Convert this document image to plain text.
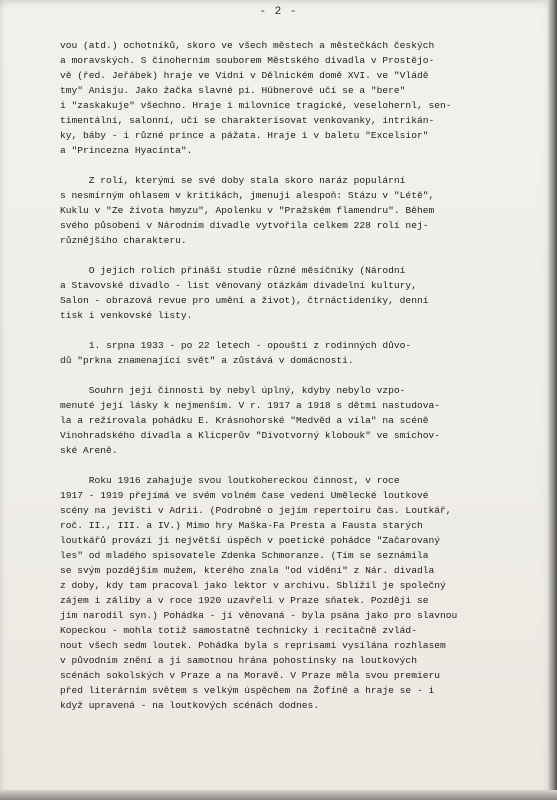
- 2 -
vou (atd.) ochotníků, skoro ve všech městech a městečkách českých
a moravských. S činoherním souborem Městského divadla v Prostějo-
vě (řed. Jeřábek) hraje ve Vídni v Dělnickém domě XVI. ve "Vládě
tmy" Anisju. Jako žačka slavné pí. Hübnerové učí se a "bere"
i "zaskakuje" všechno. Hraje i milovnice tragické, veselohernl, sen-
timentální, salonní, učí se charakterisovat venkovanky, intrikán-
ky, báby - i různé prince a pážata. Hraje i v baletu "Excelsior"
a "Princezna Hyacinta".
Z rolí, kterými se své doby stala skoro naráz populární
s nesmírným ohlasem v kritikách, jmenuji alespoň: Stázu v "Létě",
Kuklu v "Ze života hmyzu", Apolenku v "Pražském flamendru". Během
svého působení v Národním divadle vytvořila celkem 228 rolí nej-
různějšího charakteru.
O jejích rolích přináší studie různé měsíčníky (Národní
a Stavovské divadlo - list věnovaný otázkám divadelní kultury,
Salon - obrazová revue pro umění a život), čtrnáctideníky, denní
tisk i venkovské listy.
1. srpna 1933 - po 22 letech - opouští z rodinných důvo-
dů "prkna znamenající svět" a zůstává v domácnosti.
Souhrn její činnosti by nebyl úplný, kdyby nebylo vzpo-
menuté její lásky k nejmenším. V r. 1917 a 1918 s dětmi nastudova-
la a režírovala pohádku E. Krásnohorské "Medvěd a víla" na scéně
Vinohradského divadla a Klicperův "Divotvorný klobouk" ve smíchov-
ské Areně.
Roku 1916 zahajuje svou loutkohereckou činnost, v roce
1917 - 1919 přejímá ve svém volném čase vedení Umělecké loutkové
scény na jevišti v Adrii. (Podrobně o jejím repertoiru čas. Loutkář,
roč. II., III. a IV.) Mimo hry Maška-Fa Presta a Fausta starých
loutkářů provází ji největší úspěch v poetické pohádce "Začarovaný
les" od mladého spisovatele Zdenka Schmoranze. (Tím se seznámila
se svým pozdějším mužem, kterého znala "od vidění" z Nár. divadla
z doby, kdy tam pracoval jako lektor v archivu. Sblížil je společný
zájem i záliby a v roce 1920 uzavřeli v Praze sňatek. Později se
jim narodil syn.) Pohádka - jí věnovaná - byla psána jako pro slavnou
Kopeckou - mohla totiž samostatně technicky i recitačně zvlád-
nout všech sedm loutek. Pohádka byla s reprisami vysílána rozhlasem
v původním znění a jí samotnou hrána pohostinsky na loutkových
scénách sokolských v Praze a na Moravě. V Praze měla svou premieru
před literárním světem s velkým úspěchem na Žofíně a hraje se - i
když upravená - na loutkových scénách dodnes.
